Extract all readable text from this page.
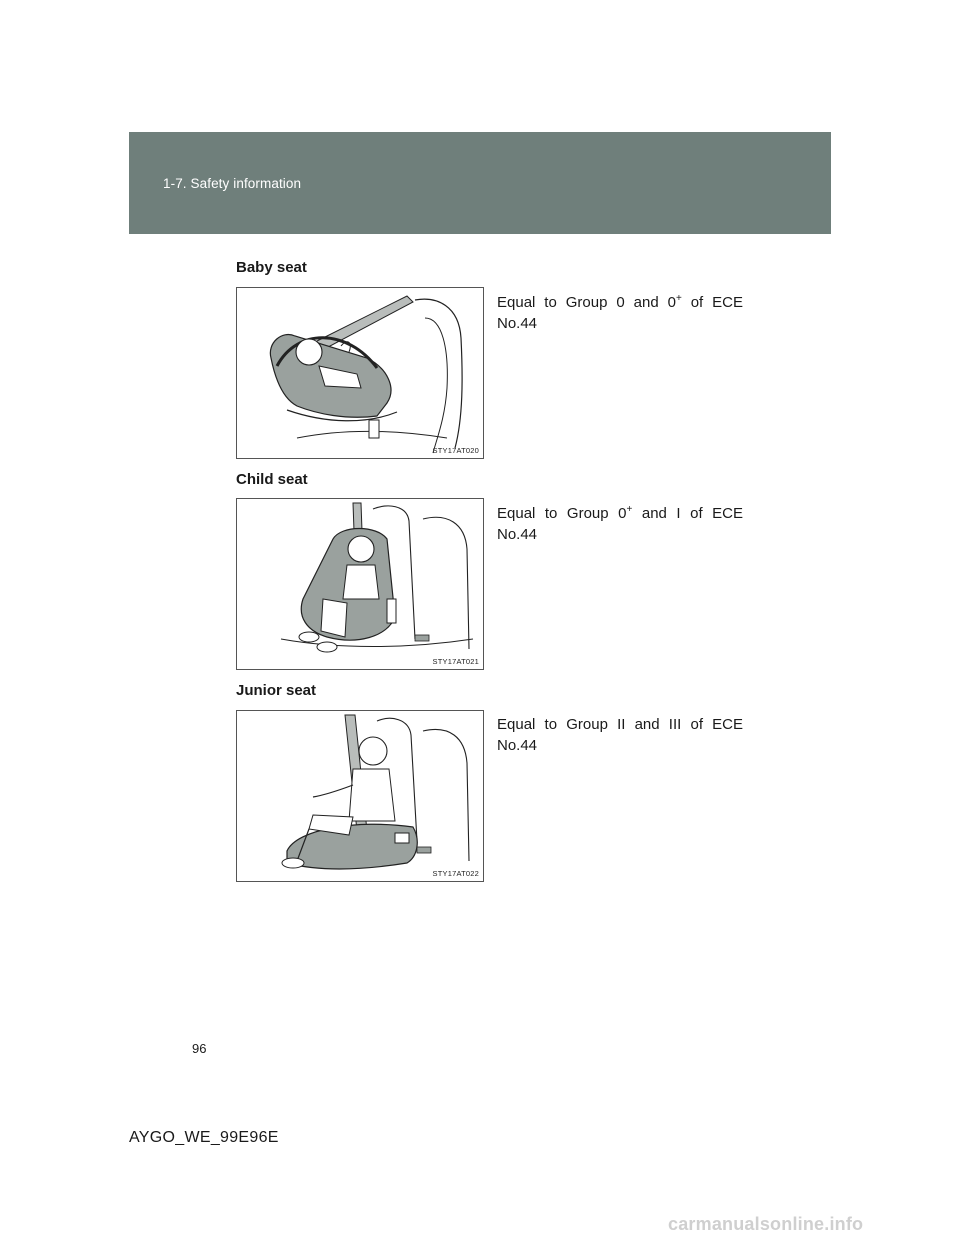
1-7. Safety information
Baby seat
STY17AT020
Equal to Group 0 and 0+ of ECE
No.44
Child seat
STY17AT021
Equal to Group 0+ and I of ECE
No.44
Junior seat
STY17AT022
Equal to Group II and III of ECE
No.44
96
AYGO_WE_99E96E
carmanualsonline.info
